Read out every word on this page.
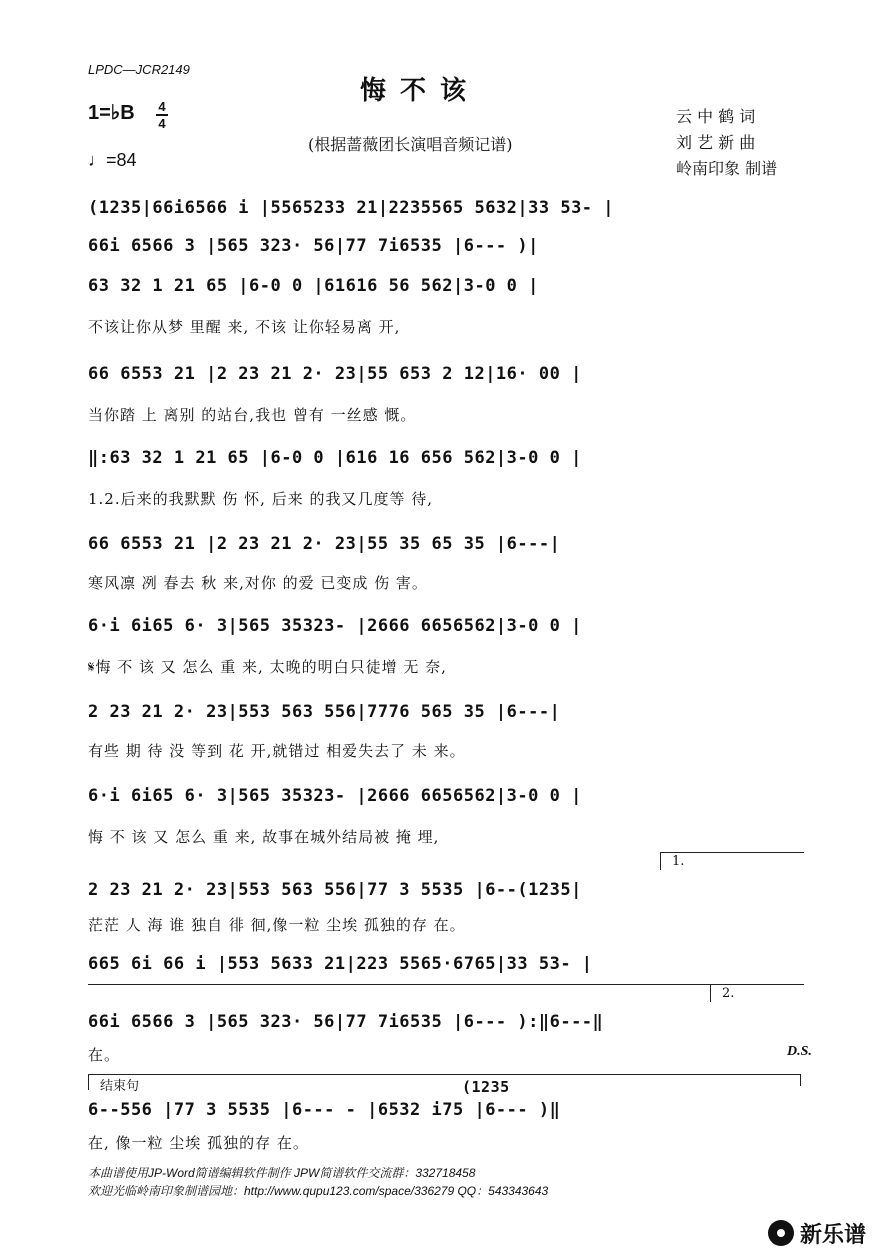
LPDC—JCR2149
悔不该
(根据蔷薇团长演唱音频记谱)
1=♭B 4
4
♩=84
云 中 鹤 词
刘 艺 新 曲
岭南印象 制谱
(1235|66i6566 i |5565233 21|2235565 5632|33 53- |
66i 6566 3 |565 323· 56|77 7i6535 |6--- )|
63 32 1 21 65 |6-0 0 |61616 56 562|3-0 0 |
不该让你从梦 里醒 来, 不该 让你轻易离 开,
66 6553 21 |2 23 21 2· 23|55 653 2 12|16· 00 |
当你踏 上 离别 的站台,我也 曾有 一丝感 慨。
‖:63 32 1 21 65 |6-0 0 |616 16 656 562|3-0 0 |
1.2.后来的我默默 伤 怀, 后来 的我又几度等 待,
66 6553 21 |2 23 21 2· 23|55 35 65 35 |6---|
寒风凛 冽 春去 秋 来,对你 的爱 已变成 伤 害。
6·i 6i65 6· 3|565 35323- |2666 6656562|3-0 0 |
𝄋悔 不 该 又 怎么 重 来, 太晚的明白只徒增 无 奈,
2 23 21 2· 23|553 563 556|7776 565 35 |6---|
有些 期 待 没 等到 花 开,就错过 相爱失去了 未 来。
6·i 6i65 6· 3|565 35323- |2666 6656562|3-0 0 |
悔 不 该 又 怎么 重 来, 故事在城外结局被 掩 埋,
1.
2 23 21 2· 23|553 563 556|77 3 5535 |6--(1235|
茫茫 人 海 谁 独自 徘 徊,像一粒 尘埃 孤独的存 在。
665 6i 66 i |553 5633 21|223 5565·6765|33 53- |
2.
66i 6566 3 |565 323· 56|77 7i6535 |6--- ):‖6---‖
在。	D.S.
结束句	(1235
6--556 |77 3 5535 |6--- - |6532 i75 |6--- )‖
在, 像一粒 尘埃 孤独的存 在。
本曲谱使用JP-Word简谱编辑软件制作 JPW简谱软件交流群：332718458
欢迎光临岭南印象制谱园地：http://www.qupu123.com/space/336279 QQ：543343643
新乐谱
